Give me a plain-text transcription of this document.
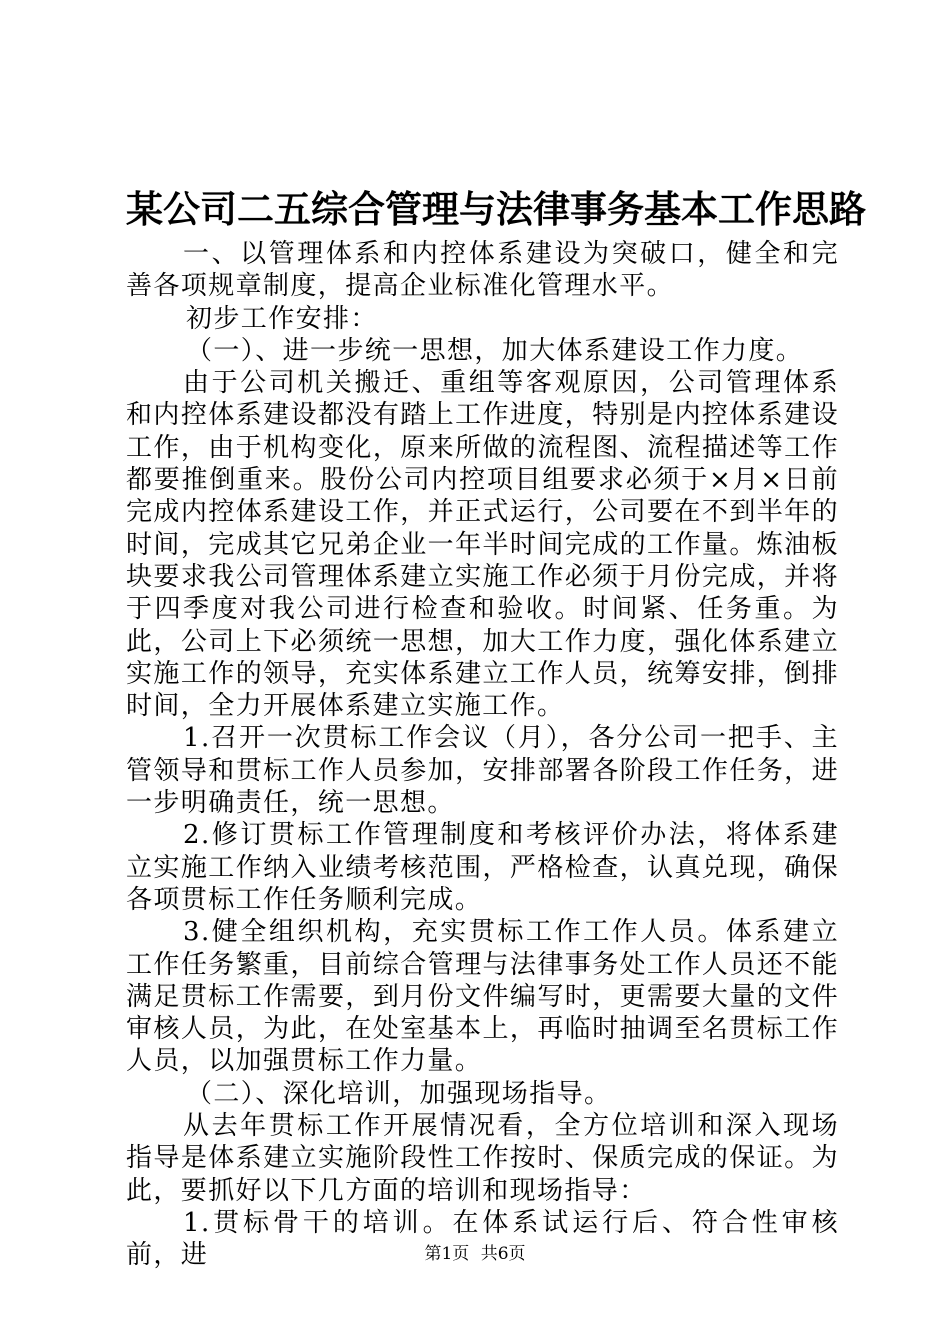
某公司二五综合管理与法律事务基本工作思路

一、以管理体系和内控体系建设为突破口，健全和完善各项规章制度，提高企业标准化管理水平。

初步工作安排：

（一）、进一步统一思想，加大体系建设工作力度。

由于公司机关搬迁、重组等客观原因，公司管理体系和内控体系建设都没有踏上工作进度，特别是内控体系建设工作，由于机构变化，原来所做的流程图、流程描述等工作都要推倒重来。股份公司内控项目组要求必须于×月×日前完成内控体系建设工作，并正式运行，公司要在不到半年的时间，完成其它兄弟企业一年半时间完成的工作量。炼油板块要求我公司管理体系建立实施工作必须于月份完成，并将于四季度对我公司进行检查和验收。时间紧、任务重。为此，公司上下必须统一思想，加大工作力度，强化体系建立实施工作的领导，充实体系建立工作人员，统筹安排，倒排时间，全力开展体系建立实施工作。

1.召开一次贯标工作会议（月），各分公司一把手、主管领导和贯标工作人员参加，安排部署各阶段工作任务，进一步明确责任，统一思想。

2.修订贯标工作管理制度和考核评价办法，将体系建立实施工作纳入业绩考核范围，严格检查，认真兑现，确保各项贯标工作任务顺利完成。

3.健全组织机构，充实贯标工作工作人员。体系建立工作任务繁重，目前综合管理与法律事务处工作人员还不能满足贯标工作需要，到月份文件编写时，更需要大量的文件审核人员，为此，在处室基本上，再临时抽调至名贯标工作人员，以加强贯标工作力量。

（二）、深化培训，加强现场指导。

从去年贯标工作开展情况看，全方位培训和深入现场指导是体系建立实施阶段性工作按时、保质完成的保证。为此，要抓好以下几方面的培训和现场指导：

1.贯标骨干的培训。在体系试运行后、符合性审核前，进	第1页 共6页
